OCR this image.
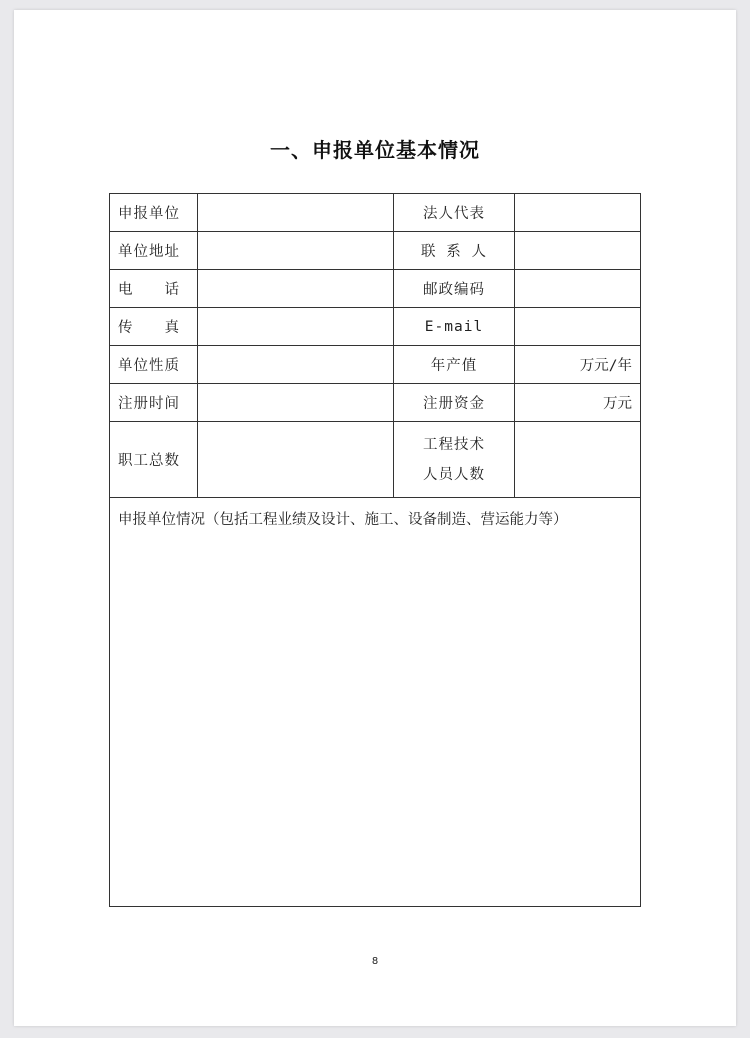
一、申报单位基本情况
申报单位		法人代表	
单位地址		联 系 人	
电　　话		邮政编码	
传　　真		E-mail	
单位性质		年产值	万元/年
注册时间		注册资金	万元
职工总数		工程技术
人员人数	

申报单位情况（包括工程业绩及设计、施工、设备制造、营运能力等）			
8
